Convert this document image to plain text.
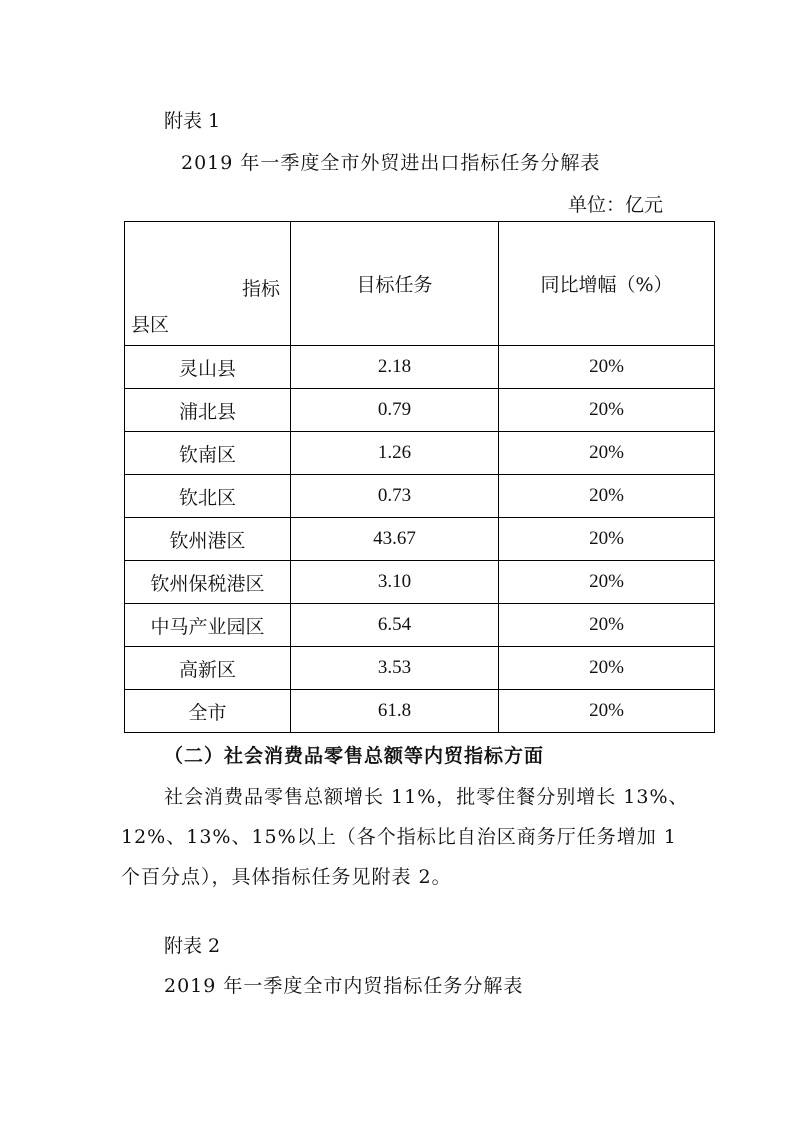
附表 1
2019 年一季度全市外贸进出口指标任务分解表
单位：亿元
指标
县区	目标任务	同比增幅（%）
灵山县	2.18	20%
浦北县	0.79	20%
钦南区	1.26	20%
钦北区	0.73	20%
钦州港区	43.67	20%
钦州保税港区	3.10	20%
中马产业园区	6.54	20%
高新区	3.53	20%
全市	61.8	20%
（二）社会消费品零售总额等内贸指标方面
社会消费品零售总额增长 11%，批零住餐分别增长 13%、
12%、13%、15%以上（各个指标比自治区商务厅任务增加 1
个百分点），具体指标任务见附表 2。
附表 2
2019 年一季度全市内贸指标任务分解表
